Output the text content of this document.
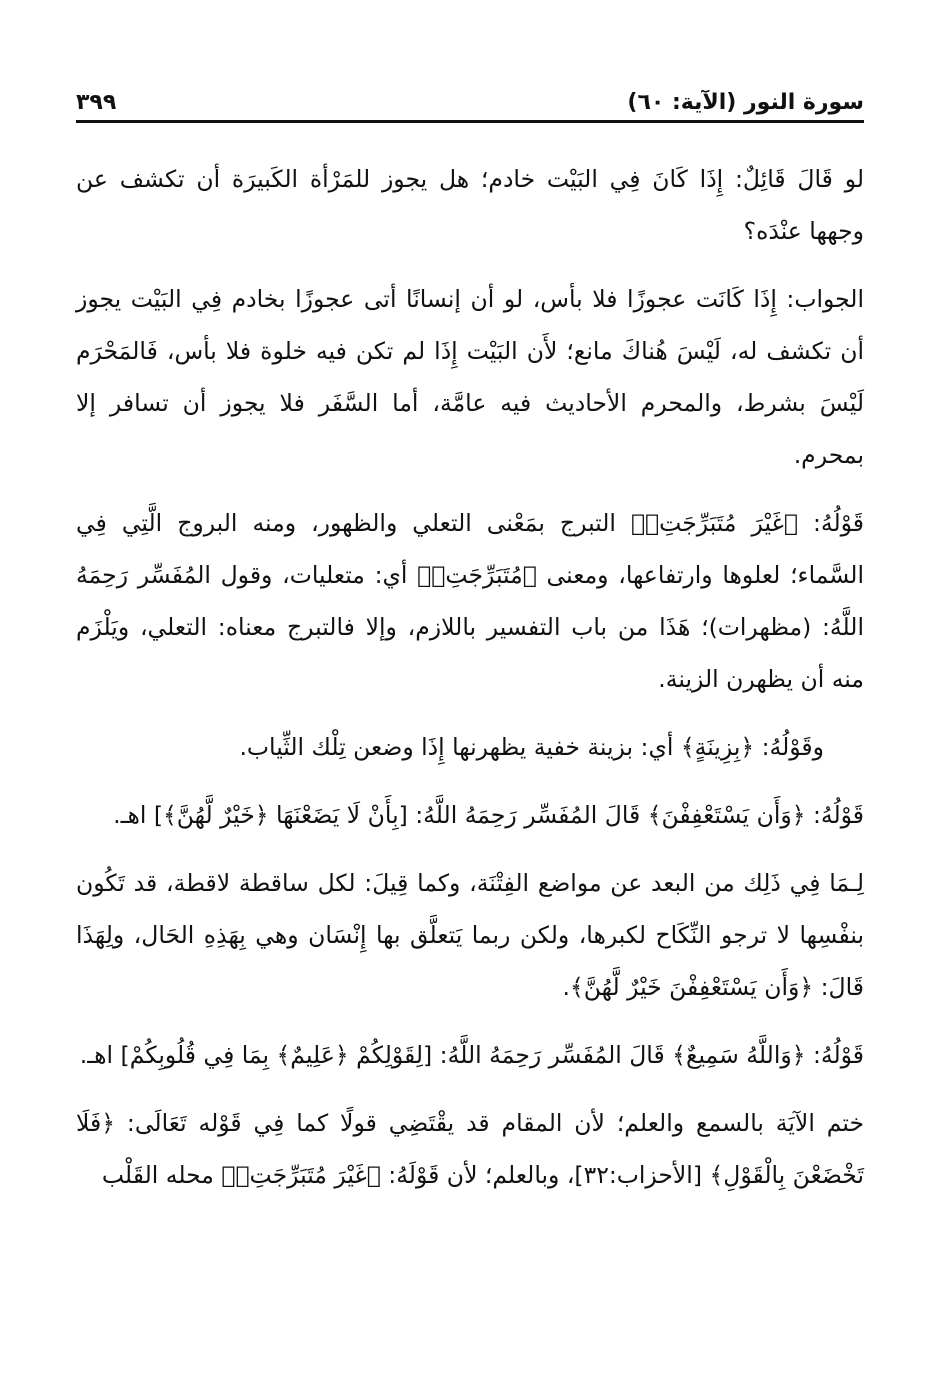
سورة النور (الآية: ٦٠)
٣٩٩

لو قَالَ قَائِلٌ: إِذَا كَانَ فِي البَيْت خادم؛ هل يجوز للمَرْأة الكَبيرَة أن تكشف عن وجهها عنْدَه؟

الجواب: إِذَا كَانَت عجوزًا فلا بأس، لو أن إنسانًا أتى عجوزًا بخادم فِي البَيْت يجوز أن تكشف له، لَيْسَ هُناكَ مانع؛ لأَن البَيْت إِذَا لم تكن فيه خلوة فلا بأس، فَالمَحْرَم لَيْسَ بشرط، والمحرم الأحاديث فيه عامَّة، أما السَّفَر فلا يجوز أن تسافر إلا بمحرم.

قَوْلُهُ: ﴿غَيْرَ مُتَبَرِّجَتِۭ﴾ التبرج بمَعْنى التعلي والظهور، ومنه البروج الَّتِي فِي السَّماء؛ لعلوها وارتفاعها، ومعنى ﴿مُتَبَرِّجَتِۭ﴾ أي: متعليات، وقول المُفَسِّر رَحِمَهُ اللَّهُ: (مظهرات)؛ هَذَا من باب التفسير باللازم، وإلا فالتبرج معناه: التعلي، ويَلْزَم منه أن يظهرن الزينة.

وقَوْلُهُ: ﴿بِزِينَةٍ﴾ أي: بزينة خفية يظهرنها إِذَا وضعن تِلْك الثِّياب.

قَوْلُهُ: ﴿وَأَن يَسْتَعْفِفْنَ﴾ قَالَ المُفَسِّر رَحِمَهُ اللَّهُ: [بِأَنْ لَا يَضَعْنَهَا ﴿خَيْرٌ لَّهُنَّ﴾] اهـ.

لِـمَا فِي ذَلِك من البعد عن مواضع الفِتْنَة، وكما قِيلَ: لكل ساقطة لاقطة، قد تَكُون بنفْسِها لا ترجو النِّكَاح لكبرها، ولكن ربما يَتعلَّق بها إِنْسَان وهي بِهَذِهِ الحَال، ولِهَذَا قَالَ: ﴿وَأَن يَسْتَعْفِفْنَ خَيْرٌ لَّهُنَّ﴾.

قَوْلُهُ: ﴿وَاللَّهُ سَمِيعٌ﴾ قَالَ المُفَسِّر رَحِمَهُ اللَّهُ: [لِقَوْلِكُمْ ﴿عَلِيمٌ﴾ بِمَا فِي قُلُوبِكُمْ] اهـ.

ختم الآيَة بالسمع والعلم؛ لأن المقام قد يقْتَضِي قولًا كما فِي قَوْله تَعَالَى: ﴿فَلَا تَخْضَعْنَ بِالْقَوْلِ﴾ [الأحزاب:٣٢]، وبالعلم؛ لأن قَوْلَهُ: ﴿غَيْرَ مُتَبَرِّجَتِۭ﴾ محله القَلْب
